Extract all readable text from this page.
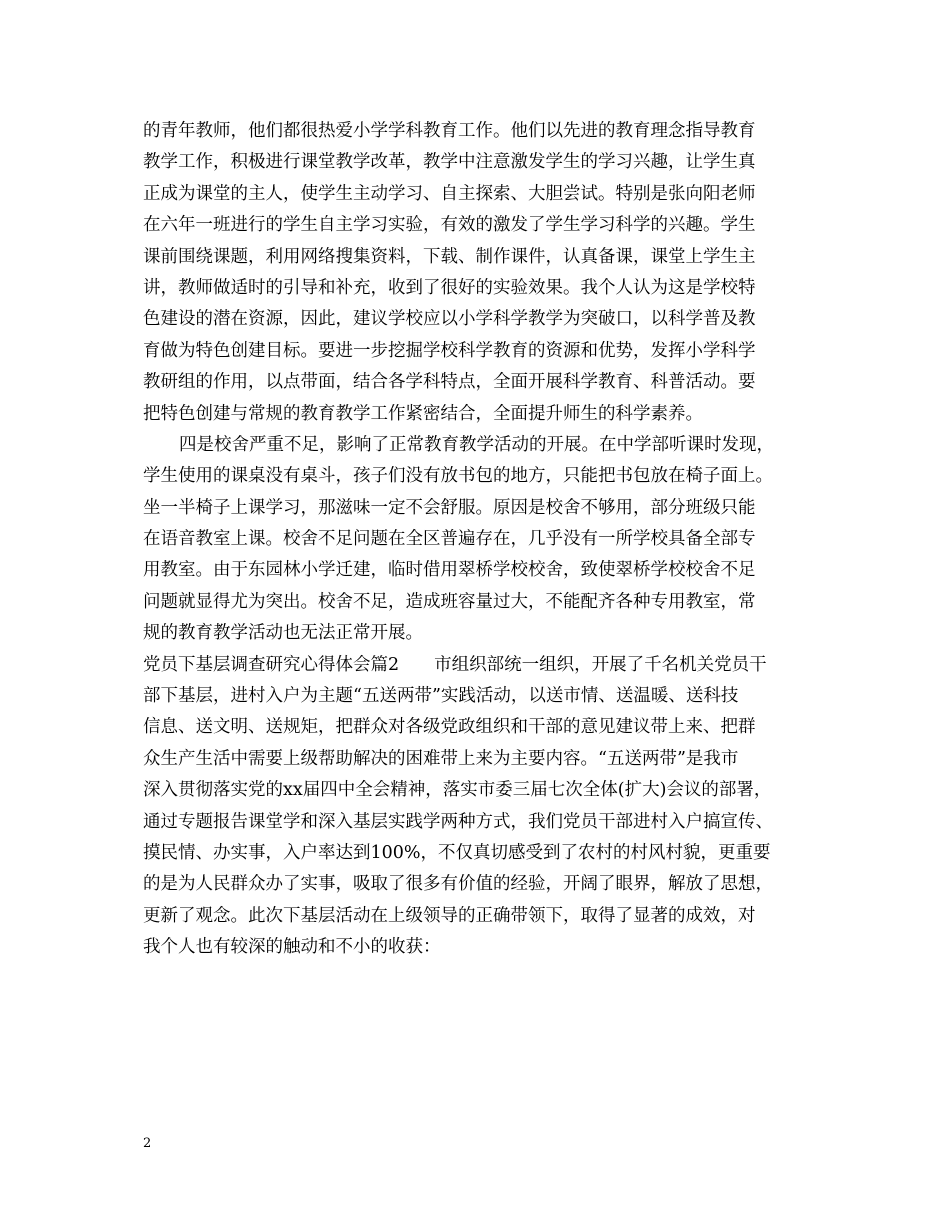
的青年教师，他们都很热爱小学学科教育工作。他们以先进的教育理念指导教育
教学工作，积极进行课堂教学改革，教学中注意激发学生的学习兴趣，让学生真
正成为课堂的主人，使学生主动学习、自主探索、大胆尝试。特别是张向阳老师
在六年一班进行的学生自主学习实验，有效的激发了学生学习科学的兴趣。学生
课前围绕课题，利用网络搜集资料，下载、制作课件，认真备课，课堂上学生主
讲，教师做适时的引导和补充，收到了很好的实验效果。我个人认为这是学校特
色建设的潜在资源，因此，建议学校应以小学科学教学为突破口，以科学普及教
育做为特色创建目标。要进一步挖掘学校科学教育的资源和优势，发挥小学科学
教研组的作用，以点带面，结合各学科特点，全面开展科学教育、科普活动。要
把特色创建与常规的教育教学工作紧密结合，全面提升师生的科学素养。
四是校舍严重不足，影响了正常教育教学活动的开展。在中学部听课时发现，
学生使用的课桌没有桌斗，孩子们没有放书包的地方，只能把书包放在椅子面上。
坐一半椅子上课学习，那滋味一定不会舒服。原因是校舍不够用，部分班级只能
在语音教室上课。校舍不足问题在全区普遍存在，几乎没有一所学校具备全部专
用教室。由于东园林小学迁建，临时借用翠桥学校校舍，致使翠桥学校校舍不足
问题就显得尤为突出。校舍不足，造成班容量过大，不能配齐各种专用教室，常
规的教育教学活动也无法正常开展。
党员下基层调查研究心得体会篇2　　市组织部统一组织，开展了千名机关党员干
部下基层，进村入户为主题“五送两带”实践活动，以送市情、送温暖、送科技
信息、送文明、送规矩，把群众对各级党政组织和干部的意见建议带上来、把群
众生产生活中需要上级帮助解决的困难带上来为主要内容。“五送两带”是我市
深入贯彻落实党的xx届四中全会精神，落实市委三届七次全体(扩大)会议的部署，
通过专题报告课堂学和深入基层实践学两种方式，我们党员干部进村入户搞宣传、
摸民情、办实事，入户率达到100%，不仅真切感受到了农村的村风村貌，更重要
的是为人民群众办了实事，吸取了很多有价值的经验，开阔了眼界，解放了思想，
更新了观念。此次下基层活动在上级领导的正确带领下，取得了显著的成效，对
我个人也有较深的触动和不小的收获：
2
